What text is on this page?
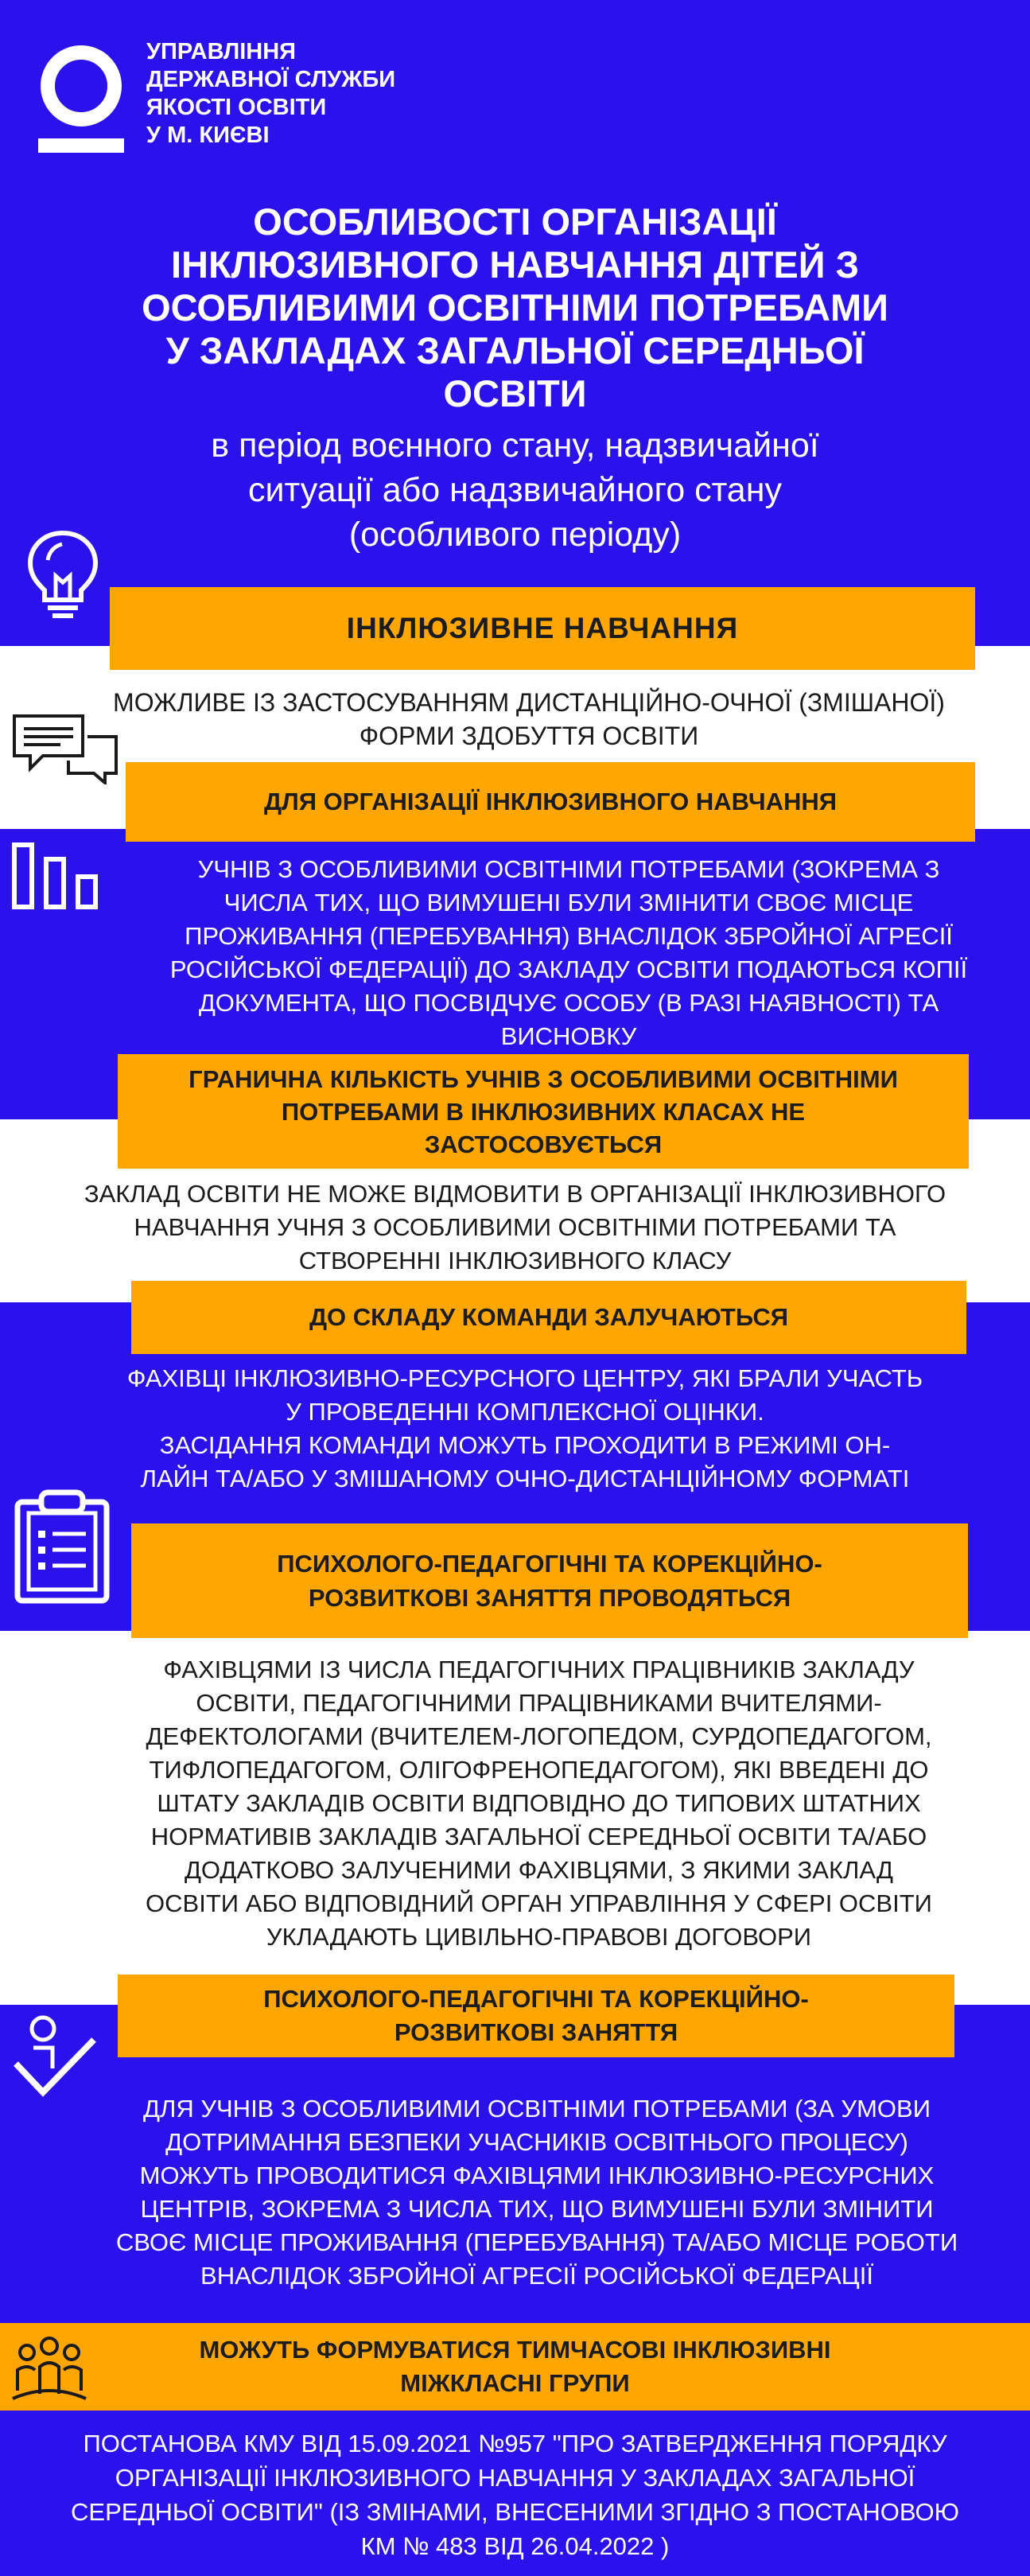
УПРАВЛІННЯ
ДЕРЖАВНОЇ СЛУЖБИ
ЯКОСТІ ОСВІТИ
У М. КИЄВІ
ОСОБЛИВОСТІ ОРГАНІЗАЦІЇ
ІНКЛЮЗИВНОГО НАВЧАННЯ ДІТЕЙ З
ОСОБЛИВИМИ ОСВІТНІМИ ПОТРЕБАМИ
У ЗАКЛАДАХ ЗАГАЛЬНОЇ СЕРЕДНЬОЇ
ОСВІТИ
в період воєнного стану, надзвичайної
ситуації або надзвичайного стану
(особливого періоду)
ІНКЛЮЗИВНЕ НАВЧАННЯ
МОЖЛИВЕ ІЗ ЗАСТОСУВАННЯМ ДИСТАНЦІЙНО-ОЧНОЇ (ЗМІШАНОЇ)
ФОРМИ ЗДОБУТТЯ ОСВІТИ
ДЛЯ ОРГАНІЗАЦІЇ ІНКЛЮЗИВНОГО НАВЧАННЯ
УЧНІВ З ОСОБЛИВИМИ ОСВІТНІМИ ПОТРЕБАМИ (ЗОКРЕМА З
ЧИСЛА ТИХ, ЩО ВИМУШЕНІ БУЛИ ЗМІНИТИ СВОЄ МІСЦЕ
ПРОЖИВАННЯ (ПЕРЕБУВАННЯ) ВНАСЛІДОК ЗБРОЙНОЇ АГРЕСІЇ
РОСІЙСЬКОЇ ФЕДЕРАЦІЇ) ДО ЗАКЛАДУ ОСВІТИ ПОДАЮТЬСЯ КОПІЇ
ДОКУМЕНТА, ЩО ПОСВІДЧУЄ ОСОБУ (В РАЗІ НАЯВНОСТІ) ТА
ВИСНОВКУ
ГРАНИЧНА КІЛЬКІСТЬ УЧНІВ З ОСОБЛИВИМИ ОСВІТНІМИ
ПОТРЕБАМИ В ІНКЛЮЗИВНИХ КЛАСАХ НЕ
ЗАСТОСОВУЄТЬСЯ
ЗАКЛАД ОСВІТИ НЕ МОЖЕ ВІДМОВИТИ В ОРГАНІЗАЦІЇ ІНКЛЮЗИВНОГО
НАВЧАННЯ УЧНЯ З ОСОБЛИВИМИ ОСВІТНІМИ ПОТРЕБАМИ ТА
СТВОРЕННІ ІНКЛЮЗИВНОГО КЛАСУ
ДО СКЛАДУ КОМАНДИ ЗАЛУЧАЮТЬСЯ
ФАХІВЦІ ІНКЛЮЗИВНО-РЕСУРСНОГО ЦЕНТРУ, ЯКІ БРАЛИ УЧАСТЬ
У ПРОВЕДЕННІ КОМПЛЕКСНОЇ ОЦІНКИ.
ЗАСІДАННЯ КОМАНДИ МОЖУТЬ ПРОХОДИТИ В РЕЖИМІ ОН-
ЛАЙН ТА/АБО У ЗМІШАНОМУ ОЧНО-ДИСТАНЦІЙНОМУ ФОРМАТІ
ПСИХОЛОГО-ПЕДАГОГІЧНІ ТА КОРЕКЦІЙНО-
РОЗВИТКОВІ ЗАНЯТТЯ ПРОВОДЯТЬСЯ
ФАХІВЦЯМИ ІЗ ЧИСЛА ПЕДАГОГІЧНИХ ПРАЦІВНИКІВ ЗАКЛАДУ
ОСВІТИ, ПЕДАГОГІЧНИМИ ПРАЦІВНИКАМИ ВЧИТЕЛЯМИ-
ДЕФЕКТОЛОГАМИ (ВЧИТЕЛЕМ-ЛОГОПЕДОМ, СУРДОПЕДАГОГОМ,
ТИФЛОПЕДАГОГОМ, ОЛІГОФРЕНОПЕДАГОГОМ), ЯКІ ВВЕДЕНІ ДО
ШТАТУ ЗАКЛАДІВ ОСВІТИ ВІДПОВІДНО ДО ТИПОВИХ ШТАТНИХ
НОРМАТИВІВ ЗАКЛАДІВ ЗАГАЛЬНОЇ СЕРЕДНЬОЇ ОСВІТИ ТА/АБО
ДОДАТКОВО ЗАЛУЧЕНИМИ ФАХІВЦЯМИ, З ЯКИМИ ЗАКЛАД
ОСВІТИ АБО ВІДПОВІДНИЙ ОРГАН УПРАВЛІННЯ У СФЕРІ ОСВІТИ
УКЛАДАЮТЬ ЦИВІЛЬНО-ПРАВОВІ ДОГОВОРИ
ПСИХОЛОГО-ПЕДАГОГІЧНІ ТА КОРЕКЦІЙНО-
РОЗВИТКОВІ ЗАНЯТТЯ
ДЛЯ УЧНІВ З ОСОБЛИВИМИ ОСВІТНІМИ ПОТРЕБАМИ (ЗА УМОВИ
ДОТРИМАННЯ БЕЗПЕКИ УЧАСНИКІВ ОСВІТНЬОГО ПРОЦЕСУ)
МОЖУТЬ ПРОВОДИТИСЯ ФАХІВЦЯМИ ІНКЛЮЗИВНО-РЕСУРСНИХ
ЦЕНТРІВ, ЗОКРЕМА З ЧИСЛА ТИХ, ЩО ВИМУШЕНІ БУЛИ ЗМІНИТИ
СВОЄ МІСЦЕ ПРОЖИВАННЯ (ПЕРЕБУВАННЯ) ТА/АБО МІСЦЕ РОБОТИ
ВНАСЛІДОК ЗБРОЙНОЇ АГРЕСІЇ РОСІЙСЬКОЇ ФЕДЕРАЦІЇ
МОЖУТЬ ФОРМУВАТИСЯ ТИМЧАСОВІ ІНКЛЮЗИВНІ
МІЖКЛАСНІ ГРУПИ
ПОСТАНОВА КМУ ВІД 15.09.2021 №957 "ПРО ЗАТВЕРДЖЕННЯ ПОРЯДКУ
ОРГАНІЗАЦІЇ ІНКЛЮЗИВНОГО НАВЧАННЯ У ЗАКЛАДАХ ЗАГАЛЬНОЇ
СЕРЕДНЬОЇ ОСВІТИ" (ІЗ ЗМІНАМИ, ВНЕСЕНИМИ ЗГІДНО З ПОСТАНОВОЮ
КМ № 483 ВІД 26.04.2022 )
